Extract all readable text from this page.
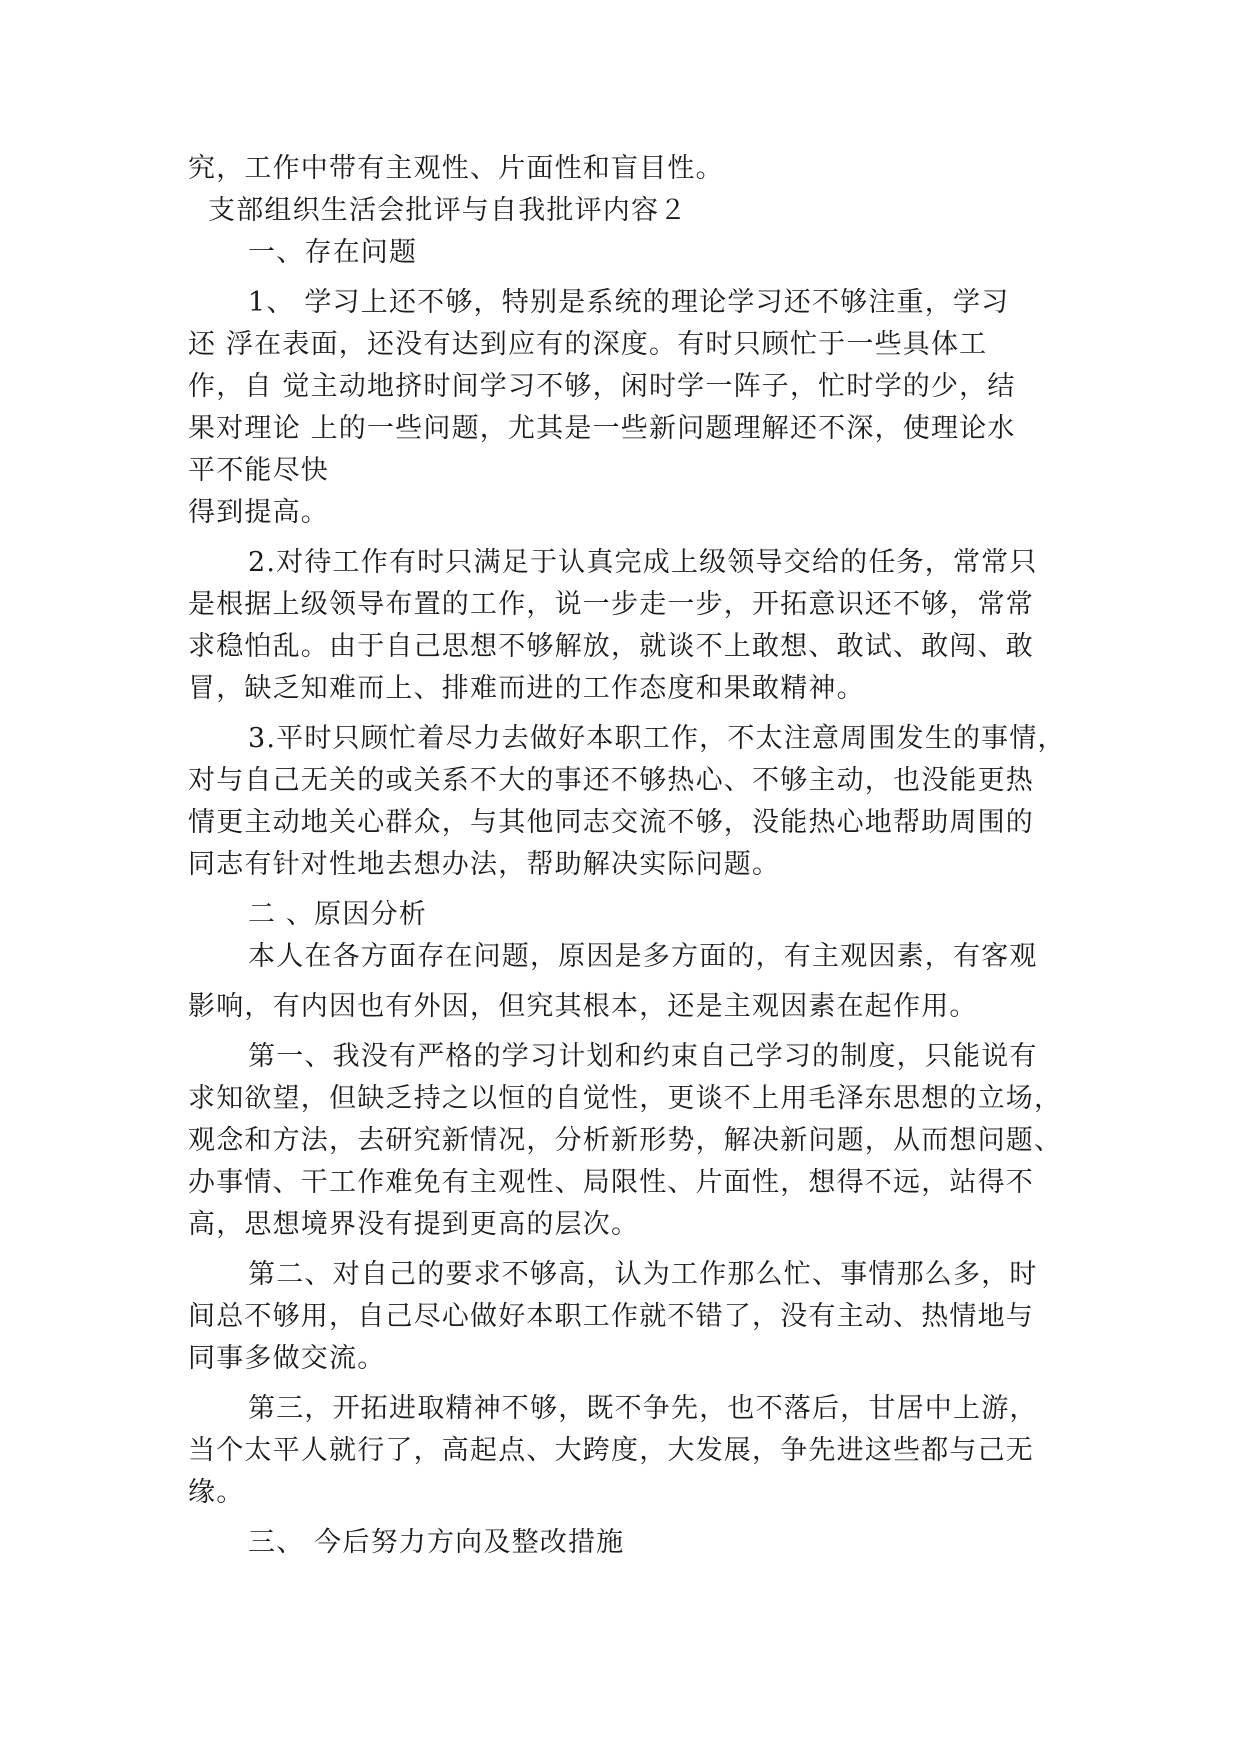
究，工作中带有主观性、片面性和盲目性。

支部组织生活会批评与自我批评内容２

一、存在问题

1、 学习上还不够，特别是系统的理论学习还不够注重，学习

还 浮在表面，还没有达到应有的深度。有时只顾忙于一些具体工

作，自 觉主动地挤时间学习不够，闲时学一阵子，忙时学的少，结

果对理论 上的一些问题，尤其是一些新问题理解还不深，使理论水

平不能尽快

得到提高。

2.对待工作有时只满足于认真完成上级领导交给的任务，常常只

是根据上级领导布置的工作，说一步走一步，开拓意识还不够，常常

求稳怕乱。由于自己思想不够解放，就谈不上敢想、敢试、敢闯、敢

冒，缺乏知难而上、排难而进的工作态度和果敢精神。

3.平时只顾忙着尽力去做好本职工作，不太注意周围发生的事情，

对与自己无关的或关系不大的事还不够热心、不够主动，也没能更热

情更主动地关心群众，与其他同志交流不够，没能热心地帮助周围的

同志有针对性地去想办法，帮助解决实际问题。

二 、原因分析

本人在各方面存在问题，原因是多方面的，有主观因素，有客观

影响，有内因也有外因，但究其根本，还是主观因素在起作用。

第一、我没有严格的学习计划和约束自己学习的制度，只能说有

求知欲望，但缺乏持之以恒的自觉性，更谈不上用毛泽东思想的立场，

观念和方法，去研究新情况，分析新形势，解决新问题，从而想问题、

办事情、干工作难免有主观性、局限性、片面性，想得不远，站得不

高，思想境界没有提到更高的层次。

第二、对自己的要求不够高，认为工作那么忙、事情那么多，时

间总不够用，自己尽心做好本职工作就不错了，没有主动、热情地与

同事多做交流。

第三，开拓进取精神不够，既不争先，也不落后，甘居中上游，

当个太平人就行了，高起点、大跨度，大发展，争先进这些都与己无

缘。

三、 今后努力方向及整改措施
